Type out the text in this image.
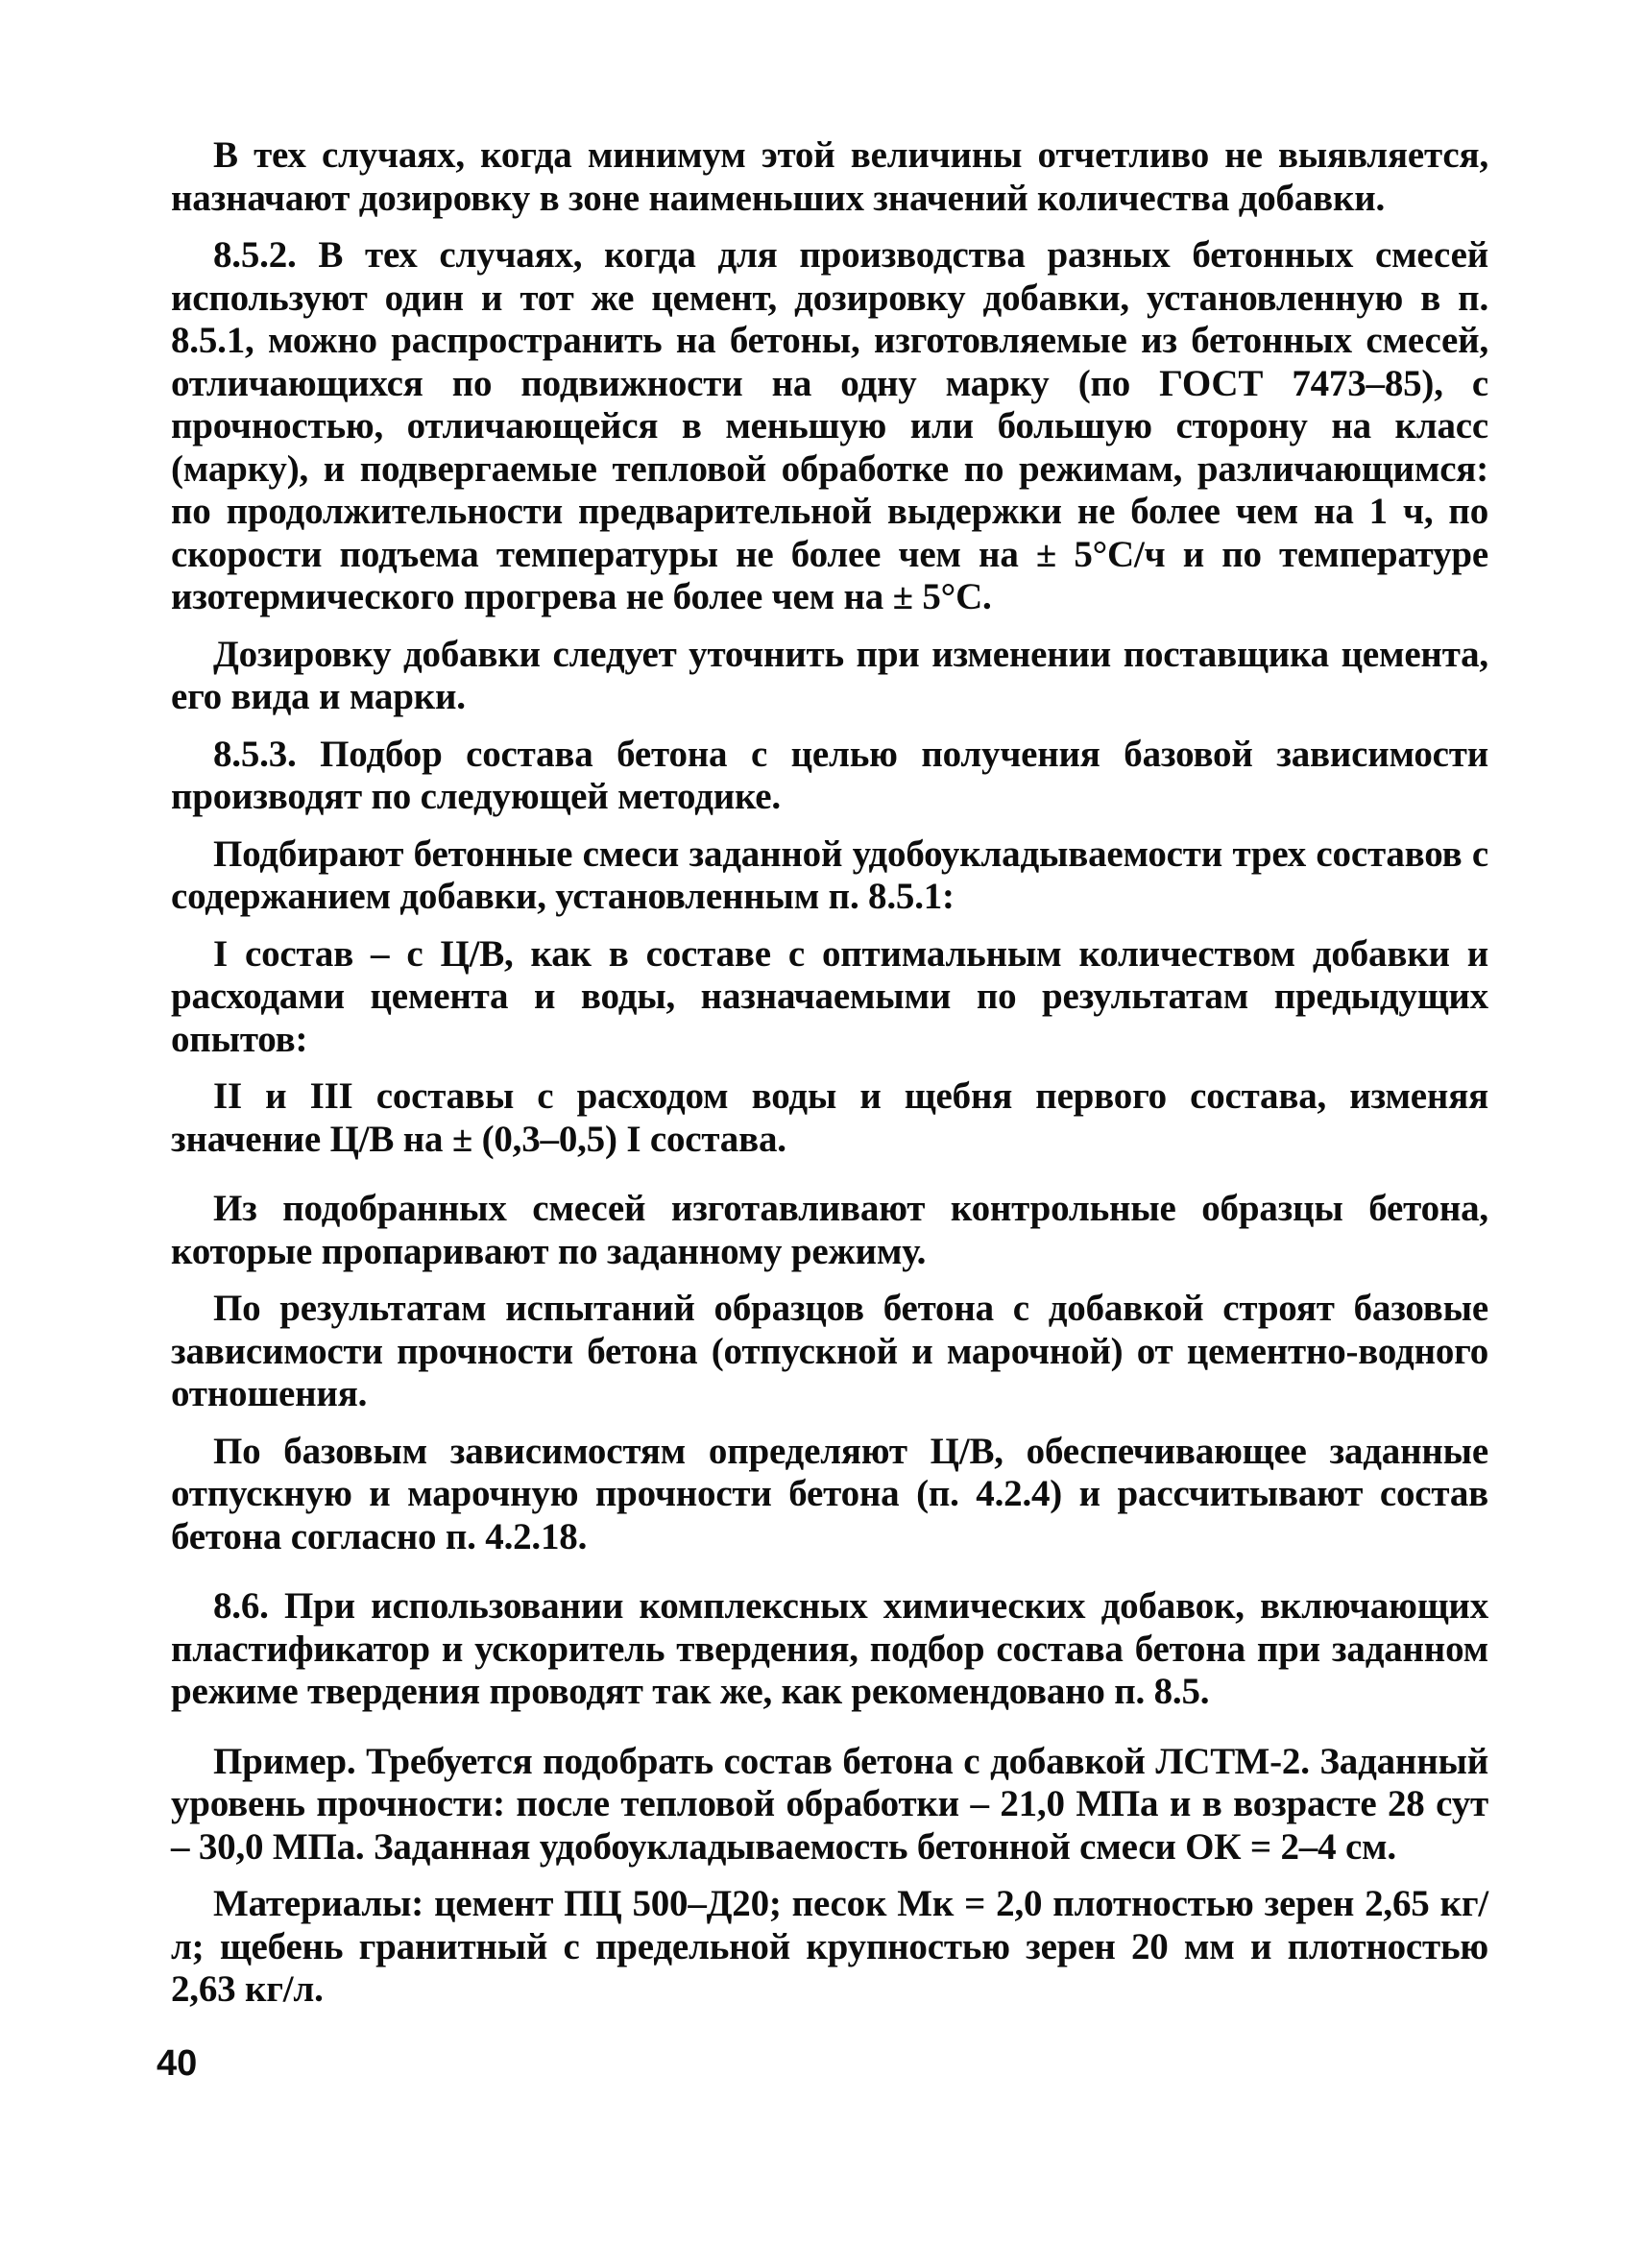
В тех случаях, когда минимум этой величины отчетливо не выявляется, назначают дозировку в зоне наименьших значений количества добавки.

8.5.2. В тех случаях, когда для производства разных бетонных смесей используют один и тот же цемент, дозировку добавки, установленную в п. 8.5.1, можно распространить на бетоны, изготовляемые из бетонных смесей, отличающихся по подвижности на одну марку (по ГОСТ 7473–85), с прочностью, отличающейся в меньшую или большую сторону на класс (марку), и подвергаемые тепловой обработке по режимам, различающимся: по продолжительности предварительной выдержки не более чем на 1 ч, по скорости подъема температуры не более чем на ± 5°С/ч и по температуре изотермического прогрева не более чем на ± 5°С.

Дозировку добавки следует уточнить при изменении поставщика цемента, его вида и марки.

8.5.3. Подбор состава бетона с целью получения базовой зависимости производят по следующей методике.

Подбирают бетонные смеси заданной удобоукладываемости трех составов с содержанием добавки, установленным п. 8.5.1:

I состав – с Ц/В, как в составе с оптимальным количеством добавки и расходами цемента и воды, назначаемыми по результатам предыдущих опытов:

II и III составы с расходом воды и щебня первого состава, изменяя значение Ц/В на ± (0,3–0,5) I состава.

Из подобранных смесей изготавливают контрольные образцы бетона, которые пропаривают по заданному режиму.

По результатам испытаний образцов бетона с добавкой строят базовые зависимости прочности бетона (отпускной и марочной) от цементно-водного отношения.

По базовым зависимостям определяют Ц/В, обеспечивающее заданные отпускную и марочную прочности бетона (п. 4.2.4) и рассчитывают состав бетона согласно п. 4.2.18.

8.6. При использовании комплексных химических добавок, включающих пластификатор и ускоритель твердения, подбор состава бетона при заданном режиме твердения проводят так же, как рекомендовано п. 8.5.

Пример. Требуется подобрать состав бетона с добавкой ЛСТМ-2. Заданный уровень прочности: после тепловой обработки – 21,0 МПа и в возрасте 28 сут – 30,0 МПа. Заданная удобоукладываемость бетонной смеси ОК = 2–4 см.

Материалы: цемент ПЦ 500–Д20; песок Мк = 2,0 плотностью зерен 2,65 кг/л; щебень гранитный с предельной крупностью зерен 20 мм и плотностью 2,63 кг/л.

40
